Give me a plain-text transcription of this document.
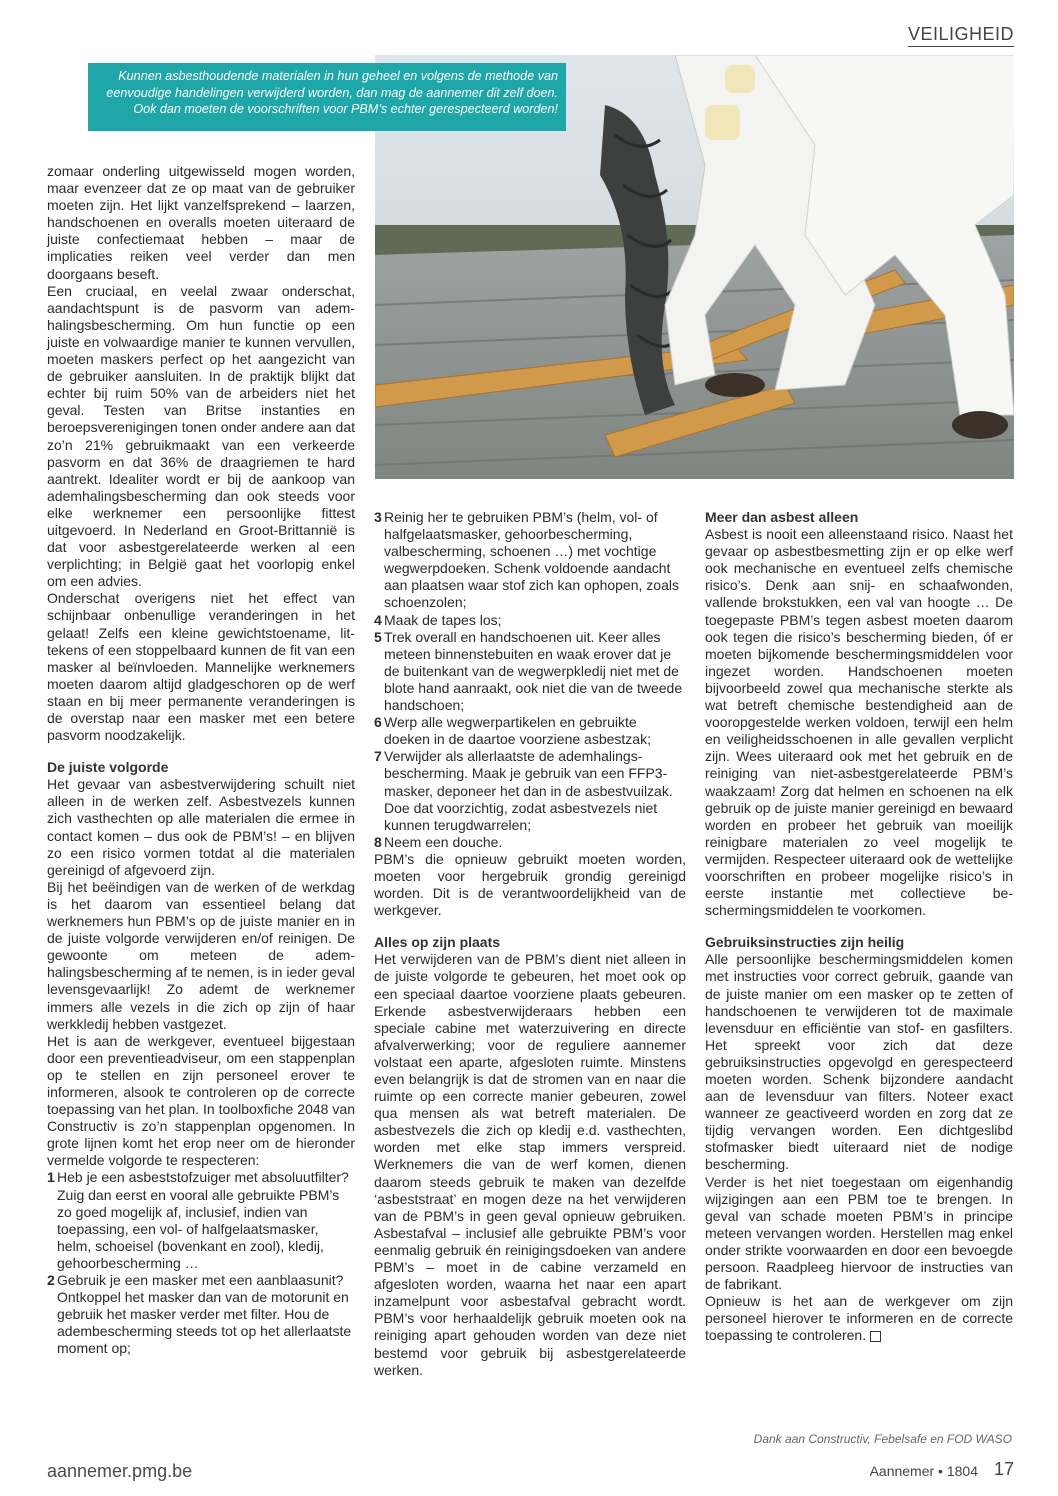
VEILIGHEID
Kunnen asbesthoudende materialen in hun geheel en volgens de methode van
eenvoudige handelingen verwijderd worden, dan mag de aannemer dit zelf doen.
Ook dan moeten de voorschriften voor PBM’s echter gerespecteerd worden!

zomaar onderling uitgewisseld mogen worden, maar evenzeer dat ze op maat van de gebruiker moeten zijn. Het lijkt vanzelfsprekend – laarzen, handschoenen en overalls moeten uiteraard de juiste confectiemaat hebben – maar de implicaties reiken veel verder dan men doorgaans beseft.

Een cruciaal, en veelal zwaar onderschat, aandachtspunt is de pasvorm van ademhalingsbescherming. Om hun functie op een juiste en volwaardige manier te kunnen vervullen, moeten maskers perfect op het aangezicht van de gebruiker aansluiten. In de praktijk blijkt dat echter bij ruim 50% van de arbeiders niet het geval. Testen van Britse instanties en beroepsverenigingen tonen onder andere aan dat zo’n 21% gebruikmaakt van een verkeerde pasvorm en dat 36% de draagriemen te hard aantrekt. Idealiter wordt er bij de aankoop van ademhalingsbescherming dan ook steeds voor elke werknemer een persoonlijke fittest uitgevoerd. In Nederland en Groot-Brittannië is dat voor asbestgerelateerde werken al een verplichting; in België gaat het voorlopig enkel om een advies.

Onderschat overigens niet het effect van schijnbaar onbenullige veranderingen in het gelaat! Zelfs een kleine gewichtstoename, littekens of een stoppelbaard kunnen de fit van een masker al beïnvloeden. Mannelijke werknemers moeten daarom altijd gladgeschoren op de werf staan en bij meer permanente veranderingen is de overstap naar een masker met een betere pasvorm noodzakelijk.

De juiste volgorde

Het gevaar van asbestverwijdering schuilt niet alleen in de werken zelf. Asbestvezels kunnen zich vasthechten op alle materialen die ermee in contact komen – dus ook de PBM’s! – en blijven zo een risico vormen totdat al die materialen gereinigd of afgevoerd zijn.

Bij het beëindigen van de werken of de werkdag is het daarom van essentieel belang dat werknemers hun PBM’s op de juiste manier en in de juiste volgorde verwijderen en/of reinigen. De gewoonte om meteen de ademhalingsbescherming af te nemen, is in ieder geval levensgevaarlijk! Zo ademt de werknemer immers alle vezels in die zich op zijn of haar werkkledij hebben vastgezet.

Het is aan de werkgever, eventueel bijgestaan door een preventieadviseur, om een stappenplan op te stellen en zijn personeel erover te informeren, alsook te controleren op de correcte toepassing van het plan. In toolboxfiche 2048 van Constructiv is zo’n stappenplan opgenomen. In grote lijnen komt het erop neer om de hieronder vermelde volgorde te respecteren:

1 Heb je een asbeststofzuiger met absoluutfilter? Zuig dan eerst en vooral alle gebruikte PBM’s zo goed mogelijk af, inclusief, indien van toepassing, een vol- of halfgelaatsmasker, helm, schoeisel (bovenkant en zool), kledij, gehoorbescherming …
2 Gebruik je een masker met een aanblaasunit? Ontkoppel het masker dan van de motorunit en gebruik het masker verder met filter. Hou de adembescherming steeds tot op het allerlaatste moment op;
3 Reinig her te gebruiken PBM’s (helm, vol- of halfgelaatsmasker, gehoorbescherming, valbescherming, schoenen …) met vochtige wegwerpdoeken. Schenk voldoende aandacht aan plaatsen waar stof zich kan ophopen, zoals schoenzolen;
4 Maak de tapes los;
5 Trek overall en handschoenen uit. Keer alles meteen binnenstebuiten en waak erover dat je de buitenkant van de wegwerpkledij niet met de blote hand aanraakt, ook niet die van de tweede handschoen;
6 Werp alle wegwerpartikelen en gebruikte doeken in de daartoe voorziene asbestzak;
7 Verwijder als allerlaatste de ademhalingsbescherming. Maak je gebruik van een FFP3-masker, deponeer het dan in de asbestvuilzak. Doe dat voorzichtig, zodat asbestvezels niet kunnen terugdwarrelen;
8 Neem een douche.

PBM’s die opnieuw gebruikt moeten worden, moeten voor hergebruik grondig gereinigd worden. Dit is de verantwoordelijkheid van de werkgever.

Alles op zijn plaats

Het verwijderen van de PBM’s dient niet alleen in de juiste volgorde te gebeuren, het moet ook op een speciaal daartoe voorziene plaats gebeuren. Erkende asbestverwijderaars hebben een speciale cabine met waterzuivering en directe afvalverwerking; voor de reguliere aannemer volstaat een aparte, afgesloten ruimte. Minstens even belangrijk is dat de stromen van en naar die ruimte op een correcte manier gebeuren, zowel qua mensen als wat betreft materialen. De asbestvezels die zich op kledij e.d. vasthechten, worden met elke stap immers verspreid. Werknemers die van de werf komen, dienen daarom steeds gebruik te maken van dezelfde ‘asbeststraat’ en mogen deze na het verwijderen van de PBM’s in geen geval opnieuw gebruiken. Asbestafval – inclusief alle gebruikte PBM’s voor eenmalig gebruik én reinigingsdoeken van andere PBM’s – moet in de cabine verzameld en afgesloten worden, waarna het naar een apart inzamelpunt voor asbestafval gebracht wordt. PBM’s voor herhaaldelijk gebruik moeten ook na reiniging apart gehouden worden van deze niet bestemd voor gebruik bij asbestgerelateerde werken.

Meer dan asbest alleen

Asbest is nooit een alleenstaand risico. Naast het gevaar op asbestbesmetting zijn er op elke werf ook mechanische en eventueel zelfs chemische risico’s. Denk aan snij- en schaafwonden, vallende brokstukken, een val van hoogte … De toegepaste PBM’s tegen asbest moeten daarom ook tegen die risico’s bescherming bieden, óf er moeten bijkomende beschermingsmiddelen voor ingezet worden. Handschoenen moeten bijvoorbeeld zowel qua mechanische sterkte als wat betreft chemische bestendigheid aan de vooropgestelde werken voldoen, terwijl een helm en veiligheidsschoenen in alle gevallen verplicht zijn. Wees uiteraard ook met het gebruik en de reiniging van niet-asbestgerelateerde PBM’s waakzaam! Zorg dat helmen en schoenen na elk gebruik op de juiste manier gereinigd en bewaard worden en probeer het gebruik van moeilijk reinigbare materialen zo veel mogelijk te vermijden. Respecteer uiteraard ook de wettelijke voorschriften en probeer mogelijke risico’s in eerste instantie met collectieve beschermingsmiddelen te voorkomen.

Gebruiksinstructies zijn heilig

Alle persoonlijke beschermingsmiddelen komen met instructies voor correct gebruik, gaande van de juiste manier om een masker op te zetten of handschoenen te verwijderen tot de maximale levensduur en efficiëntie van stof- en gasfilters. Het spreekt voor zich dat deze gebruiksinstructies opgevolgd en gerespecteerd moeten worden. Schenk bijzondere aandacht aan de levensduur van filters. Noteer exact wanneer ze geactiveerd worden en zorg dat ze tijdig vervangen worden. Een dichtgeslibd stofmasker biedt uiteraard niet de nodige bescherming.

Verder is het niet toegestaan om eigenhandig wijzigingen aan een PBM toe te brengen. In geval van schade moeten PBM’s in principe meteen vervangen worden. Herstellen mag enkel onder strikte voorwaarden en door een bevoegde persoon. Raadpleeg hiervoor de instructies van de fabrikant.

Opnieuw is het aan de werkgever om zijn personeel hierover te informeren en de correcte toepassing te controleren.

Dank aan Constructiv, Febelsafe en FOD WASO
aannemer.pmg.be	Aannemer • 1804 17
